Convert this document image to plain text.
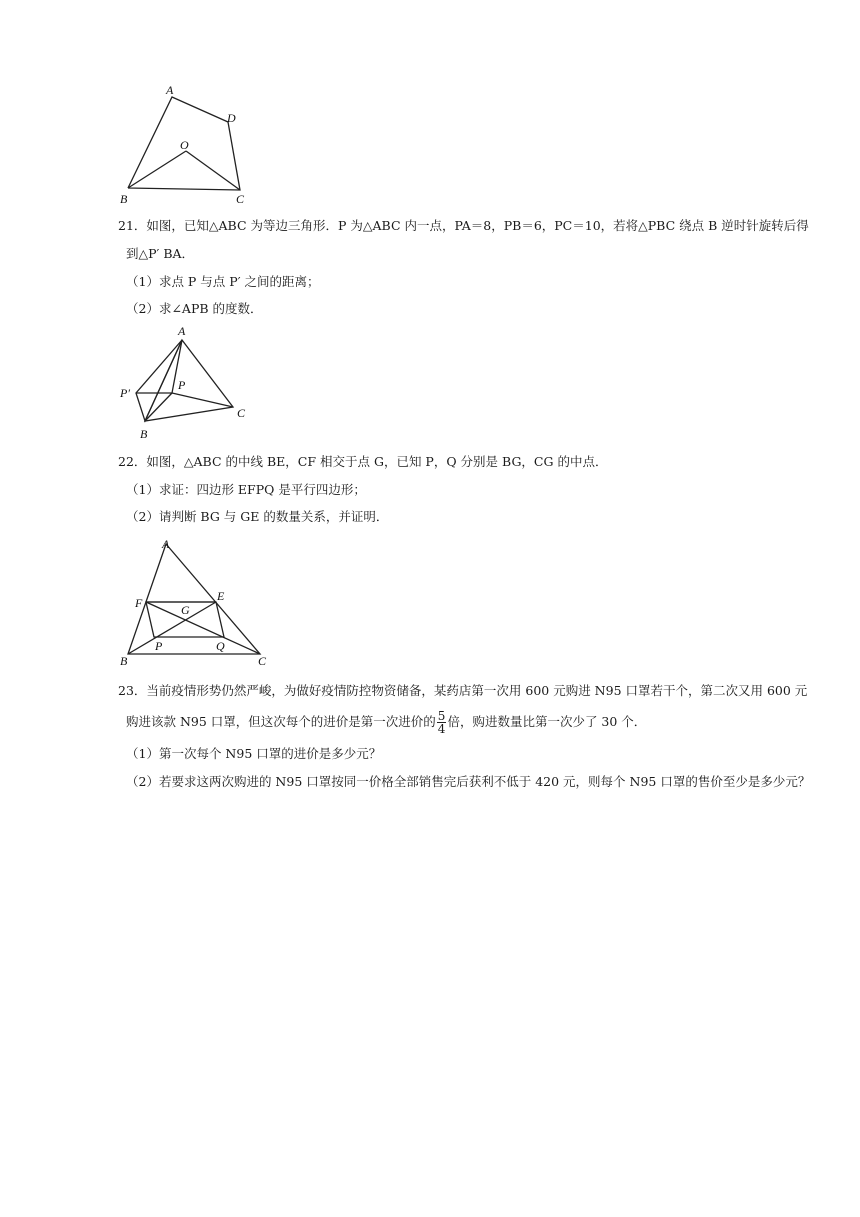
A
D
O
B	C
21．如图，已知△ABC 为等边三角形．P 为△ABC 内一点，PA＝8，PB＝6，PC＝10，若将△PBC 绕点 B 逆时针旋转后得
到△P′ BA．
（1）求点 P 与点 P′ 之间的距离；
（2）求∠APB 的度数．
A
P′
P
C
B
22．如图，△ABC 的中线 BE，CF 相交于点 G，已知 P，Q 分别是 BG，CG 的中点．
（1）求证：四边形 EFPQ 是平行四边形；
（2）请判断 BG 与 GE 的数量关系，并证明．
A
F	E
G
P	Q
B	C
23．当前疫情形势仍然严峻，为做好疫情防控物资储备，某药店第一次用 600 元购进 N95 口罩若干个，第二次又用 600 元
购进该款 N95 口罩，但这次每个的进价是第一次进价的 $\frac{5}{4}$ 倍，购进数量比第一次少了 30 个．
（1）第一次每个 N95 口罩的进价是多少元？
（2）若要求这两次购进的 N95 口罩按同一价格全部销售完后获利不低于 420 元，则每个 N95 口罩的售价至少是多少元？
